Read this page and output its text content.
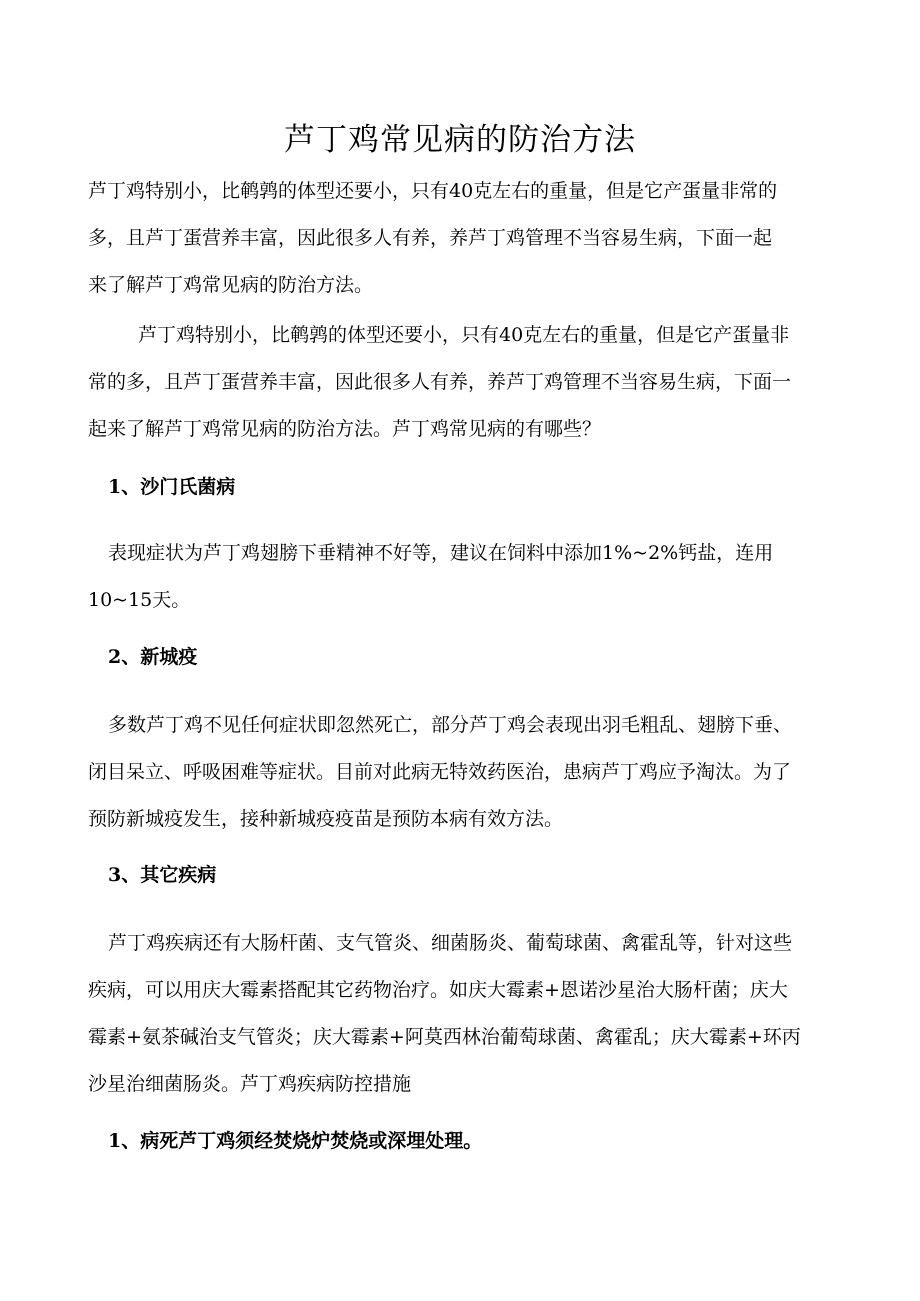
芦丁鸡常见病的防治方法

芦丁鸡特别小，比鹌鹑的体型还要小，只有40克左右的重量，但是它产蛋量非常的
多，且芦丁蛋营养丰富，因此很多人有养，养芦丁鸡管理不当容易生病，下面一起
来了解芦丁鸡常见病的防治方法。

芦丁鸡特别小，比鹌鹑的体型还要小，只有40克左右的重量，但是它产蛋量非
常的多，且芦丁蛋营养丰富，因此很多人有养，养芦丁鸡管理不当容易生病，下面一
起来了解芦丁鸡常见病的防治方法。芦丁鸡常见病的有哪些？

1、沙门氏菌病

表现症状为芦丁鸡翅膀下垂精神不好等，建议在饲料中添加1%~2%钙盐，连用
10~15天。

2、新城疫

多数芦丁鸡不见任何症状即忽然死亡，部分芦丁鸡会表现出羽毛粗乱、翅膀下垂、
闭目呆立、呼吸困难等症状。目前对此病无特效药医治，患病芦丁鸡应予淘汰。为了
预防新城疫发生，接种新城疫疫苗是预防本病有效方法。

3、其它疾病

芦丁鸡疾病还有大肠杆菌、支气管炎、细菌肠炎、葡萄球菌、禽霍乱等，针对这些
疾病，可以用庆大霉素搭配其它药物治疗。如庆大霉素+恩诺沙星治大肠杆菌；庆大
霉素+氨茶碱治支气管炎；庆大霉素+阿莫西林治葡萄球菌、禽霍乱；庆大霉素+环丙
沙星治细菌肠炎。芦丁鸡疾病防控措施

1、病死芦丁鸡须经焚烧炉焚烧或深埋处理。
